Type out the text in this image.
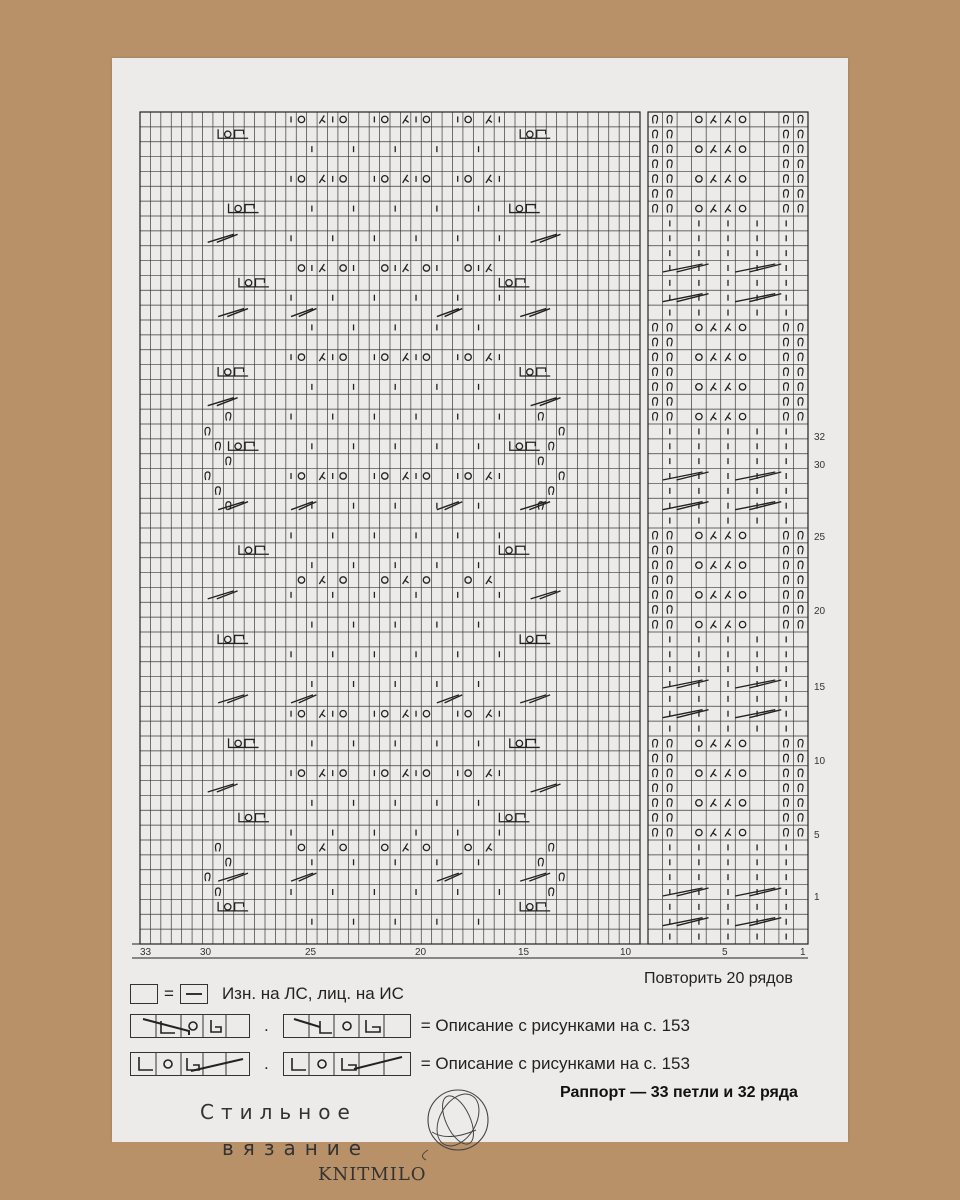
33	30	25	20	15	10	5	1
1
5
10
15
20
25
30
32
Повторить 20 рядов
=	Изн. на ЛС, лиц. на ИС
.	= Описание с рисунками на с. 153
.	= Описание с рисунками на с. 153
Раппорт — 33 петли и 32 ряда
Стильное
вязание
KNITMILO
